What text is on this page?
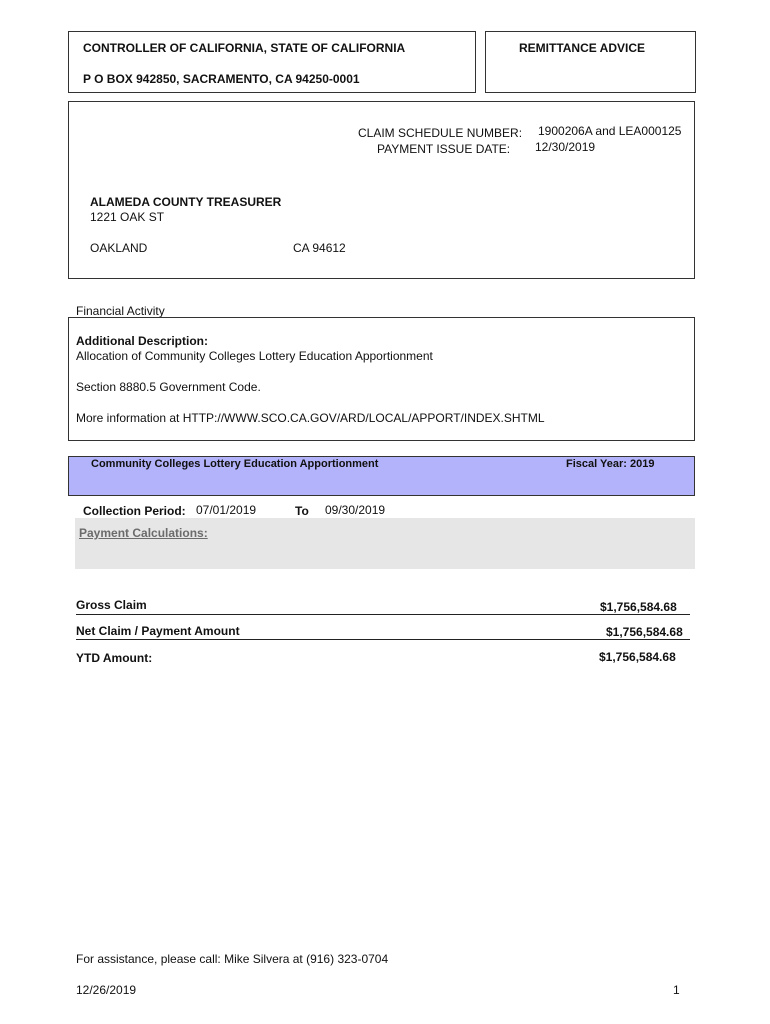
CONTROLLER OF CALIFORNIA, STATE OF CALIFORNIA
P O BOX 942850, SACRAMENTO, CA 94250-0001
REMITTANCE ADVICE
CLAIM SCHEDULE NUMBER: 1900206A and LEA000125
PAYMENT ISSUE DATE: 12/30/2019
ALAMEDA COUNTY TREASURER
1221 OAK ST
OAKLAND	CA 94612
Financial Activity
Additional Description:
Allocation of Community Colleges Lottery Education Apportionment
Section 8880.5 Government Code.
More information at HTTP://WWW.SCO.CA.GOV/ARD/LOCAL/APPORT/INDEX.SHTML
Community Colleges Lottery Education Apportionment	Fiscal Year: 2019
Collection Period: 07/01/2019	To 09/30/2019
Payment Calculations:
Gross Claim	$1,756,584.68
Net Claim / Payment Amount	$1,756,584.68
YTD Amount:	$1,756,584.68
For assistance, please call: Mike Silvera at (916) 323-0704
12/26/2019	1
